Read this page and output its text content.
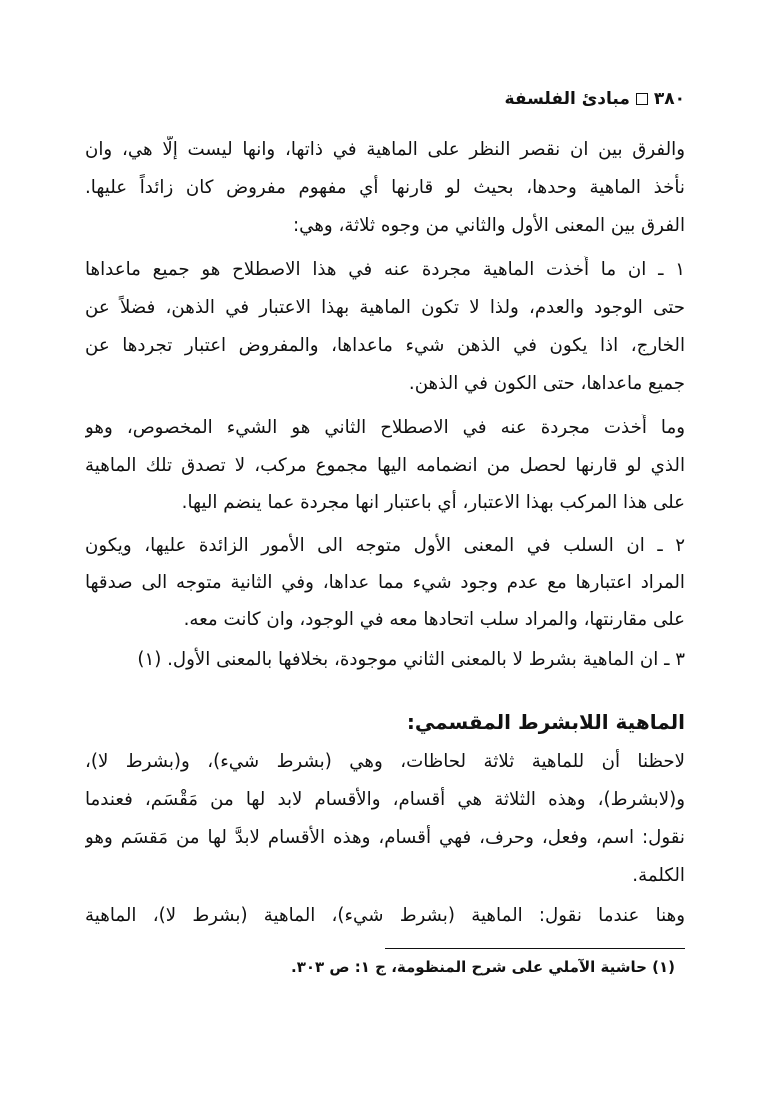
٣٨٠
مبادئ الفلسفة
والفرق بين ان نقصر النظر على الماهية في ذاتها، وانها ليست إلّا هي، وان
نأخذ الماهية وحدها، بحيث لو قارنها أي مفهوم مفروض كان زائداً عليها.
الفرق بين المعنى الأول والثاني من وجوه ثلاثة، وهي:
١ ـ ان ما أُخذت الماهية مجردة عنه في هذا الاصطلاح هو جميع ماعداها
حتى الوجود والعدم، ولذا لا تكون الماهية بهذا الاعتبار في الذهن، فضلاً عن
الخارج، اذا يكون في الذهن شيء ماعداها، والمفروض اعتبار تجردها عن
جميع ماعداها، حتى الكون في الذهن.
وما أُخذت مجردة عنه في الاصطلاح الثاني هو الشيء المخصوص، وهو
الذي لو قارنها لحصل من انضمامه اليها مجموع مركب، لا تصدق تلك الماهية
على هذا المركب بهذا الاعتبار، أي باعتبار انها مجردة عما ينضم اليها.
٢ ـ ان السلب في المعنى الأول متوجه الى الأمور الزائدة عليها، ويكون
المراد اعتبارها مع عدم وجود شيء مما عداها، وفي الثانية متوجه الى صدقها
على مقارنتها، والمراد سلب اتحادها معه في الوجود، وان كانت معه.
٣ ـ ان الماهية بشرط لا بالمعنى الثاني موجودة، بخلافها بالمعنى الأول. (١)
الماهية اللابشرط المقسمي:
لاحظنا أن للماهية ثلاثة لحاظات، وهي (بشرط شيء)، و(بشرط لا)،
و(لابشرط)، وهذه الثلاثة هي أقسام، والأقسام لابد لها من مَقْسَم، فعندما
نقول: اسم، وفعل، وحرف، فهي أقسام، وهذه الأقسام لابدَّ لها من مَقسَم وهو
الكلمة.
وهنا عندما نقول: الماهية (بشرط شيء)، الماهية (بشرط لا)، الماهية
(١) حاشية الآملي على شرح المنظومة، ج ١: ص ٣٠٣.
